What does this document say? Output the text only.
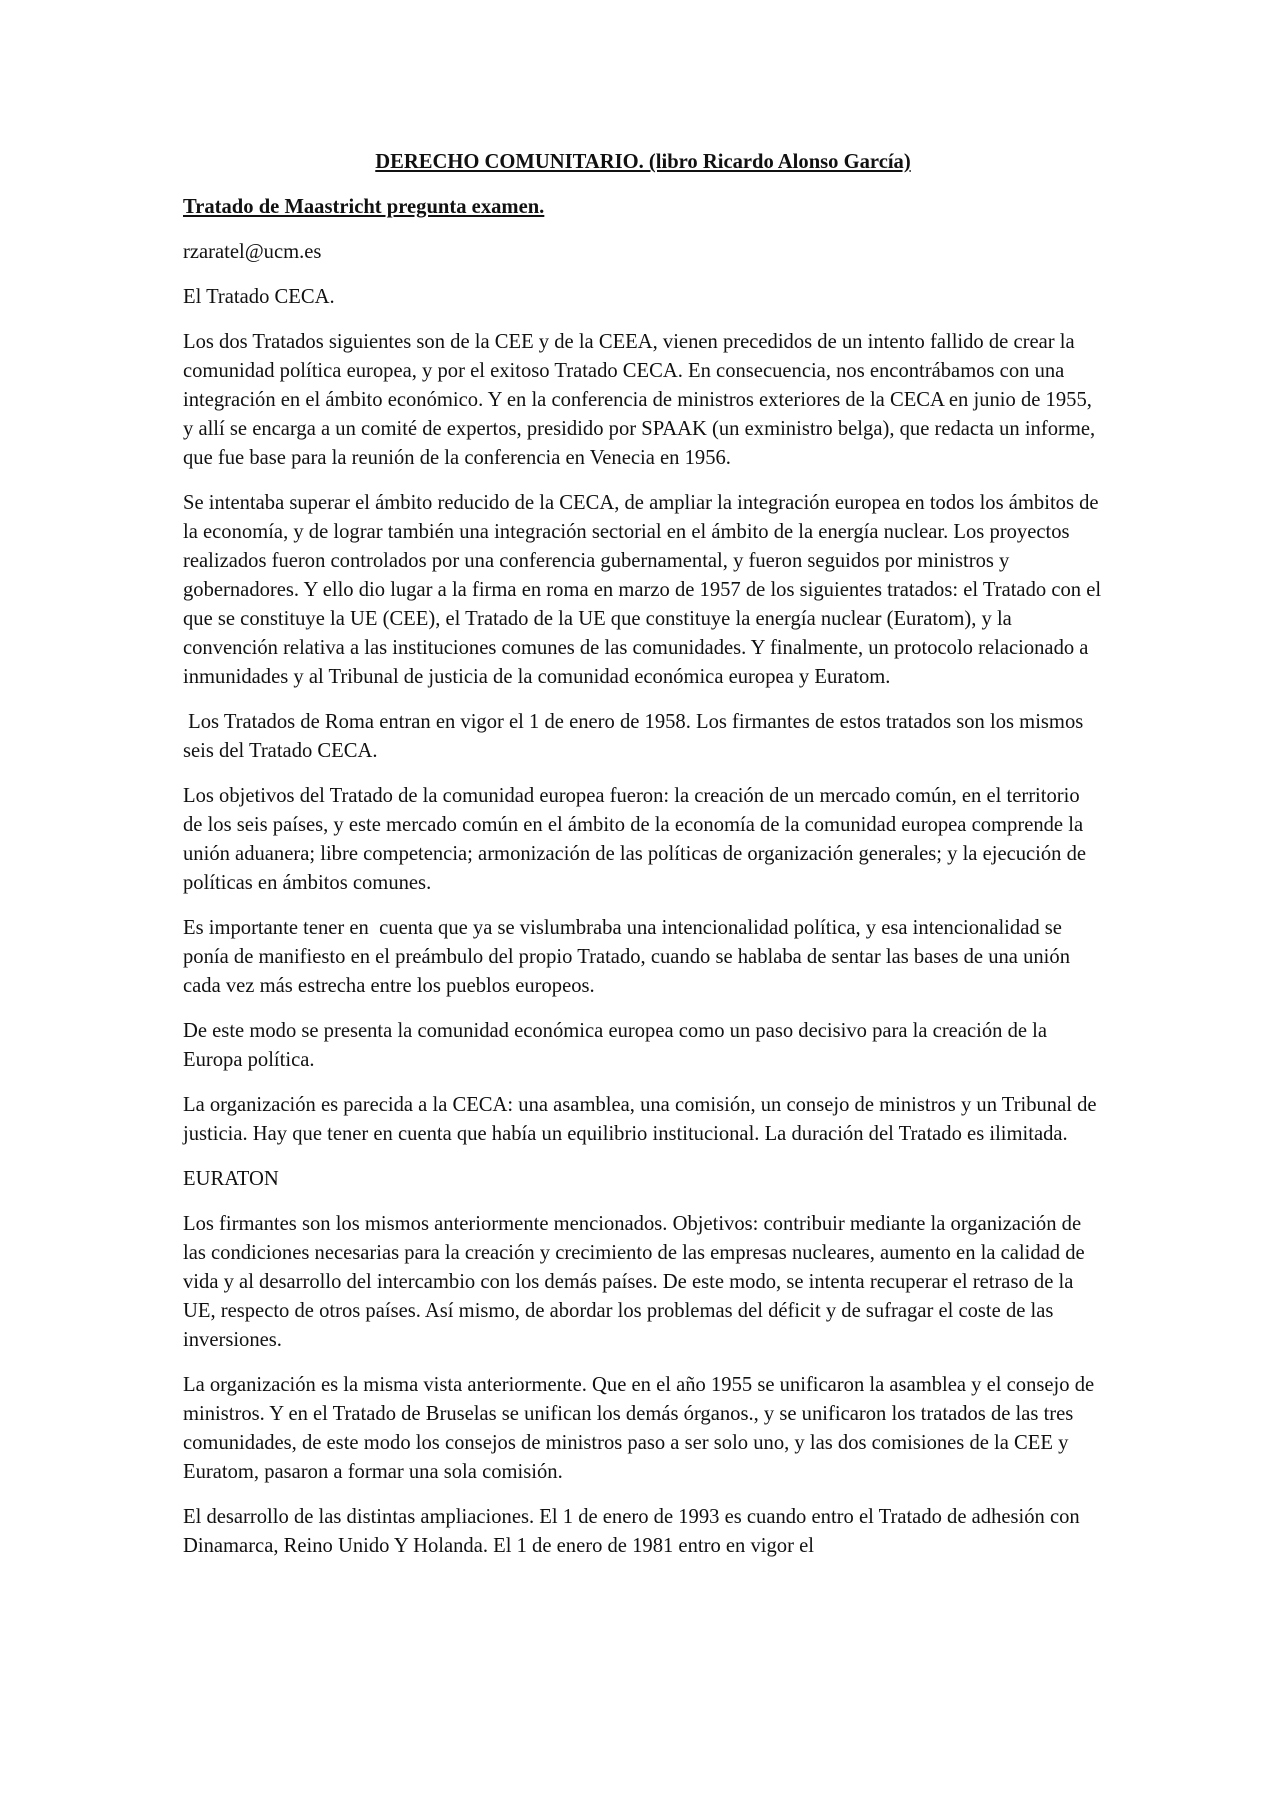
DERECHO COMUNITARIO. (libro Ricardo Alonso García)

Tratado de Maastricht pregunta examen.

rzaratel@ucm.es

El Tratado CECA.

Los dos Tratados siguientes son de la CEE y de la CEEA, vienen precedidos de un intento fallido de crear la comunidad política europea, y por el exitoso Tratado CECA. En consecuencia, nos encontrábamos con una integración en el ámbito económico. Y en la conferencia de ministros exteriores de la CECA en junio de 1955, y allí se encarga a un comité de expertos, presidido por SPAAK (un exministro belga), que redacta un informe, que fue base para la reunión de la conferencia en Venecia en 1956.

Se intentaba superar el ámbito reducido de la CECA, de ampliar la integración europea en todos los ámbitos de la economía, y de lograr también una integración sectorial en el ámbito de la energía nuclear. Los proyectos realizados fueron controlados por una conferencia gubernamental, y fueron seguidos por ministros y gobernadores. Y ello dio lugar a la firma en roma en marzo de 1957 de los siguientes tratados: el Tratado con el que se constituye la UE (CEE), el Tratado de la UE que constituye la energía nuclear (Euratom), y la convención relativa a las instituciones comunes de las comunidades. Y finalmente, un protocolo relacionado a inmunidades y al Tribunal de justicia de la comunidad económica europea y Euratom.

Los Tratados de Roma entran en vigor el 1 de enero de 1958. Los firmantes de estos tratados son los mismos seis del Tratado CECA.

Los objetivos del Tratado de la comunidad europea fueron: la creación de un mercado común, en el territorio de los seis países, y este mercado común en el ámbito de la economía de la comunidad europea comprende la unión aduanera; libre competencia; armonización de las políticas de organización generales; y la ejecución de políticas en ámbitos comunes.

Es importante tener en  cuenta que ya se vislumbraba una intencionalidad política, y esa intencionalidad se ponía de manifiesto en el preámbulo del propio Tratado, cuando se hablaba de sentar las bases de una unión cada vez más estrecha entre los pueblos europeos.

De este modo se presenta la comunidad económica europea como un paso decisivo para la creación de la Europa política.

La organización es parecida a la CECA: una asamblea, una comisión, un consejo de ministros y un Tribunal de justicia. Hay que tener en cuenta que había un equilibrio institucional. La duración del Tratado es ilimitada.

EURATON

Los firmantes son los mismos anteriormente mencionados. Objetivos: contribuir mediante la organización de las condiciones necesarias para la creación y crecimiento de las empresas nucleares, aumento en la calidad de vida y al desarrollo del intercambio con los demás países. De este modo, se intenta recuperar el retraso de la UE, respecto de otros países. Así mismo, de abordar los problemas del déficit y de sufragar el coste de las inversiones.

La organización es la misma vista anteriormente. Que en el año 1955 se unificaron la asamblea y el consejo de ministros. Y en el Tratado de Bruselas se unifican los demás órganos., y se unificaron los tratados de las tres comunidades, de este modo los consejos de ministros paso a ser solo uno, y las dos comisiones de la CEE y Euratom, pasaron a formar una sola comisión.

El desarrollo de las distintas ampliaciones. El 1 de enero de 1993 es cuando entro el Tratado de adhesión con Dinamarca, Reino Unido Y Holanda. El 1 de enero de 1981 entro en vigor el
